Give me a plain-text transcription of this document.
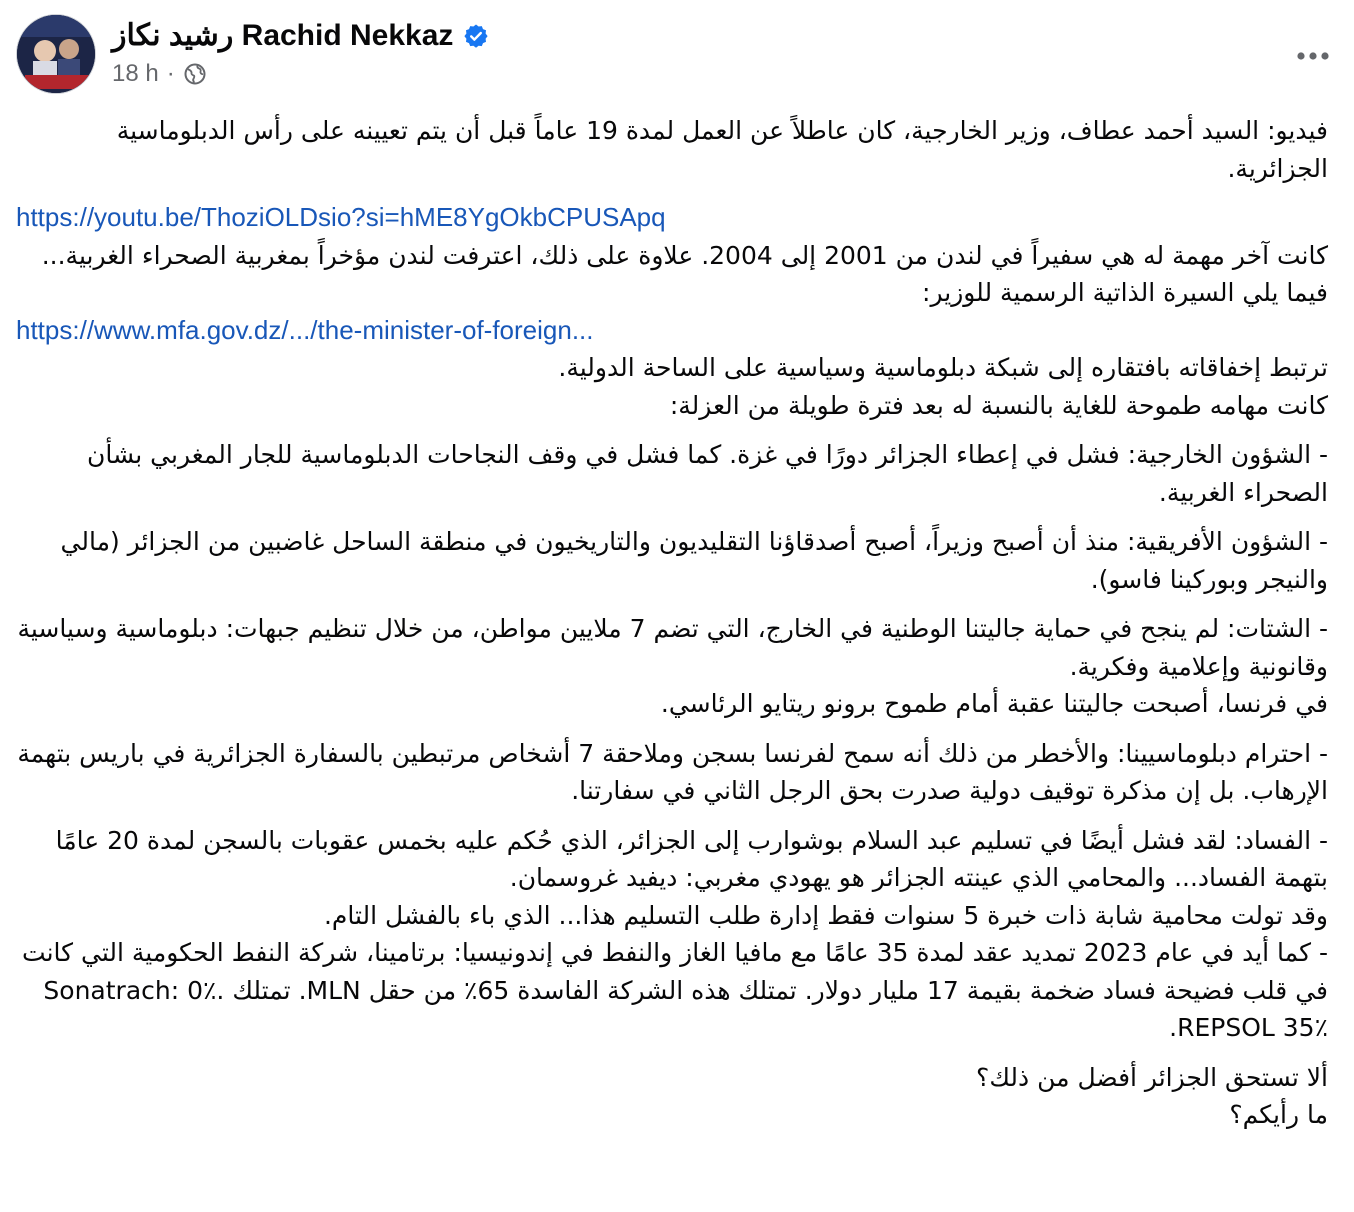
رشيد نكاز Rachid Nekkaz
18 h ·

فيديو: السيد أحمد عطاف، وزير الخارجية، كان عاطلاً عن العمل لمدة 19 عاماً قبل أن يتم تعيينه على رأس الدبلوماسية الجزائرية.

https://youtu.be/ThoziOLDsio?si=hME8YgOkbCPUSApq

كانت آخر مهمة له هي سفيراً في لندن من 2001 إلى 2004. علاوة على ذلك، اعترفت لندن مؤخراً بمغربية الصحراء الغربية...

فيما يلي السيرة الذاتية الرسمية للوزير:

https://www.mfa.gov.dz/.../the-minister-of-foreign...

ترتبط إخفاقاته بافتقاره إلى شبكة دبلوماسية وسياسية على الساحة الدولية.

كانت مهامه طموحة للغاية بالنسبة له بعد فترة طويلة من العزلة:

- الشؤون الخارجية: فشل في إعطاء الجزائر دورًا في غزة. كما فشل في وقف النجاحات الدبلوماسية للجار المغربي بشأن الصحراء الغربية.

- الشؤون الأفريقية: منذ أن أصبح وزيراً، أصبح أصدقاؤنا التقليديون والتاريخيون في منطقة الساحل غاضبين من الجزائر (مالي والنيجر وبوركينا فاسو).

- الشتات: لم ينجح في حماية جاليتنا الوطنية في الخارج، التي تضم 7 ملايين مواطن، من خلال تنظيم جبهات: دبلوماسية وسياسية وقانونية وإعلامية وفكرية.

في فرنسا، أصبحت جاليتنا عقبة أمام طموح برونو ريتايو الرئاسي.

- احترام دبلوماسيينا: والأخطر من ذلك أنه سمح لفرنسا بسجن وملاحقة 7 أشخاص مرتبطين بالسفارة الجزائرية في باريس بتهمة الإرهاب. بل إن مذكرة توقيف دولية صدرت بحق الرجل الثاني في سفارتنا.

- الفساد: لقد فشل أيضًا في تسليم عبد السلام بوشوارب إلى الجزائر، الذي حُكم عليه بخمس عقوبات بالسجن لمدة 20 عامًا بتهمة الفساد... والمحامي الذي عينته الجزائر هو يهودي مغربي: ديفيد غروسمان.

وقد تولت محامية شابة ذات خبرة 5 سنوات فقط إدارة طلب التسليم هذا... الذي باء بالفشل التام.

- كما أيد في عام 2023 تمديد عقد لمدة 35 عامًا مع مافيا الغاز والنفط في إندونيسيا: برتامينا، شركة النفط الحكومية التي كانت في قلب فضيحة فساد ضخمة بقيمة 17 مليار دولار. تمتلك هذه الشركة الفاسدة 65٪ من حقل MLN. تمتلك Sonatrach: 0٪. REPSOL 35٪.

ألا تستحق الجزائر أفضل من ذلك؟

ما رأيكم؟
